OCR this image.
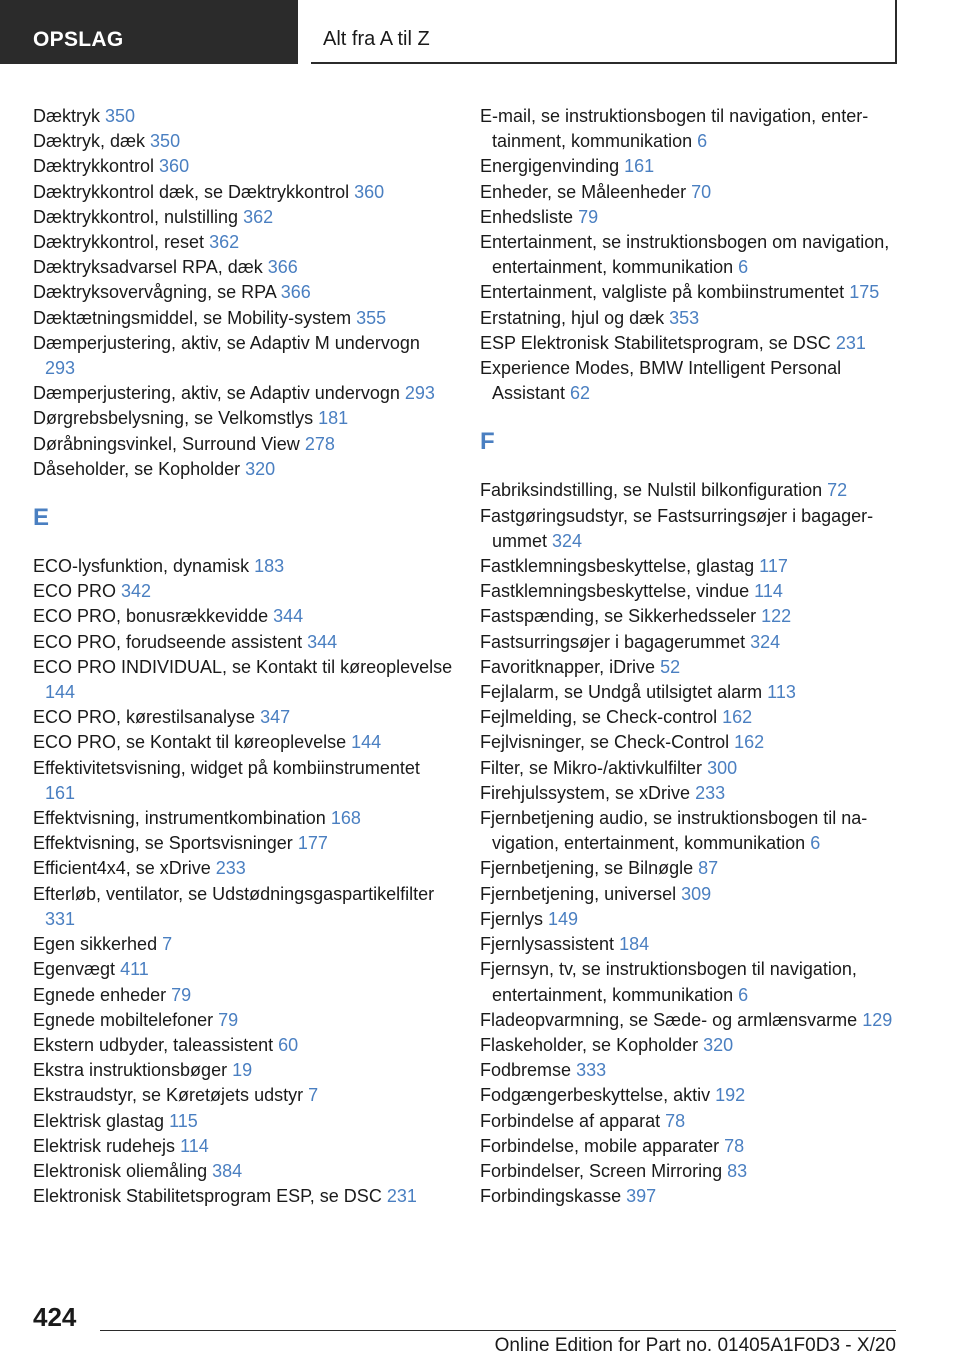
OPSLAG	Alt fra A til Z
Dæktryk 350
Dæktryk, dæk 350
Dæktrykkontrol 360
Dæktrykkontrol dæk, se Dæktrykkontrol 360
Dæktrykkontrol, nulstilling 362
Dæktrykkontrol, reset 362
Dæktryksadvarsel RPA, dæk 366
Dæktryksovervågning, se RPA 366
Dæktætningsmiddel, se Mobility-system 355
Dæmperjustering, aktiv, se Adaptiv M undervogn 293
Dæmperjustering, aktiv, se Adaptiv undervogn 293
Dørgrebsbelysning, se Velkomstlys 181
Døråbningsvinkel, Surround View 278
Dåseholder, se Kopholder 320
E
ECO-lysfunktion, dynamisk 183
ECO PRO 342
ECO PRO, bonusrækkevidde 344
ECO PRO, forudseende assistent 344
ECO PRO INDIVIDUAL, se Kontakt til køreoplevelse 144
ECO PRO, kørestilsanalyse 347
ECO PRO, se Kontakt til køreoplevelse 144
Effektivitetsvisning, widget på kombiinstrumentet 161
Effektvisning, instrumentkombination 168
Effektvisning, se Sportsvisninger 177
Efficient4x4, se xDrive 233
Efterløb, ventilator, se Udstødningsgaspartikelfilter 331
Egen sikkerhed 7
Egenvægt 411
Egnede enheder 79
Egnede mobiltelefoner 79
Ekstern udbyder, taleassistent 60
Ekstra instruktionsbøger 19
Ekstraudstyr, se Køretøjets udstyr 7
Elektrisk glastag 115
Elektrisk rudehejs 114
Elektronisk oliemåling 384
Elektronisk Stabilitetsprogram ESP, se DSC 231
E-mail, se instruktionsbogen til navigation, entertainment, kommunikation 6
Energigenvinding 161
Enheder, se Måleenheder 70
Enhedsliste 79
Entertainment, se instruktionsbogen om navigation, entertainment, kommunikation 6
Entertainment, valgliste på kombiinstrumentet 175
Erstatning, hjul og dæk 353
ESP Elektronisk Stabilitetsprogram, se DSC 231
Experience Modes, BMW Intelligent Personal Assistant 62
F
Fabriksindstilling, se Nulstil bilkonfiguration 72
Fastgøringsudstyr, se Fastsurringsøjer i bagagerummet 324
Fastklemningsbeskyttelse, glastag 117
Fastklemningsbeskyttelse, vindue 114
Fastspænding, se Sikkerhedsseler 122
Fastsurringsøjer i bagagerummet 324
Favoritknapper, iDrive 52
Fejlalarm, se Undgå utilsigtet alarm 113
Fejlmelding, se Check-control 162
Fejlvisninger, se Check-Control 162
Filter, se Mikro-/aktivkulfilter 300
Firehjulssystem, se xDrive 233
Fjernbetjening audio, se instruktionsbogen til navigation, entertainment, kommunikation 6
Fjernbetjening, se Bilnøgle 87
Fjernbetjening, universel 309
Fjernlys 149
Fjernlysassistent 184
Fjernsyn, tv, se instruktionsbogen til navigation, entertainment, kommunikation 6
Fladeopvarmning, se Sæde- og armlænsvarme 129
Flaskeholder, se Kopholder 320
Fodbremse 333
Fodgængerbeskyttelse, aktiv 192
Forbindelse af apparat 78
Forbindelse, mobile apparater 78
Forbindelser, Screen Mirroring 83
Forbindingskasse 397
424
Online Edition for Part no. 01405A1F0D3 - X/20
